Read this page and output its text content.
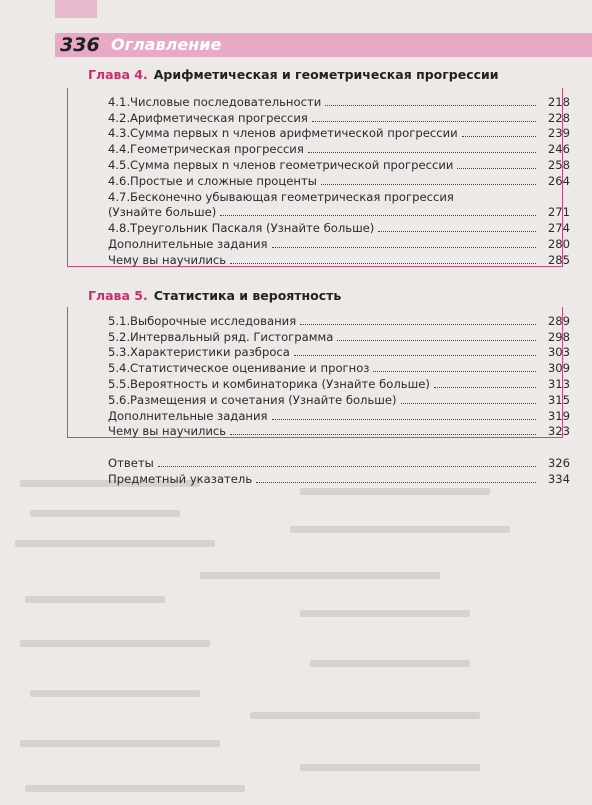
336 Оглавление
Глава 4. Арифметическая и геометрическая прогрессии
4.1. Числовые последовательности	218
4.2. Арифметическая прогрессия	228
4.3. Сумма первых n членов арифметической прогрессии	239
4.4. Геометрическая прогрессия	246
4.5. Сумма первых n членов геометрической прогрессии	258
4.6. Простые и сложные проценты	264
4.7. Бесконечно убывающая геометрическая прогрессия
(Узнайте больше)	271
4.8. Треугольник Паскаля (Узнайте больше)	274
Дополнительные задания	280
Чему вы научились	285
Глава 5. Статистика и вероятность
5.1. Выборочные исследования	289
5.2. Интервальный ряд. Гистограмма	298
5.3. Характеристики разброса	303
5.4. Статистическое оценивание и прогноз	309
5.5. Вероятность и комбинаторика (Узнайте больше)	313
5.6. Размещения и сочетания (Узнайте больше)	315
Дополнительные задания	319
Чему вы научились	323
Ответы	326
Предметный указатель	334
